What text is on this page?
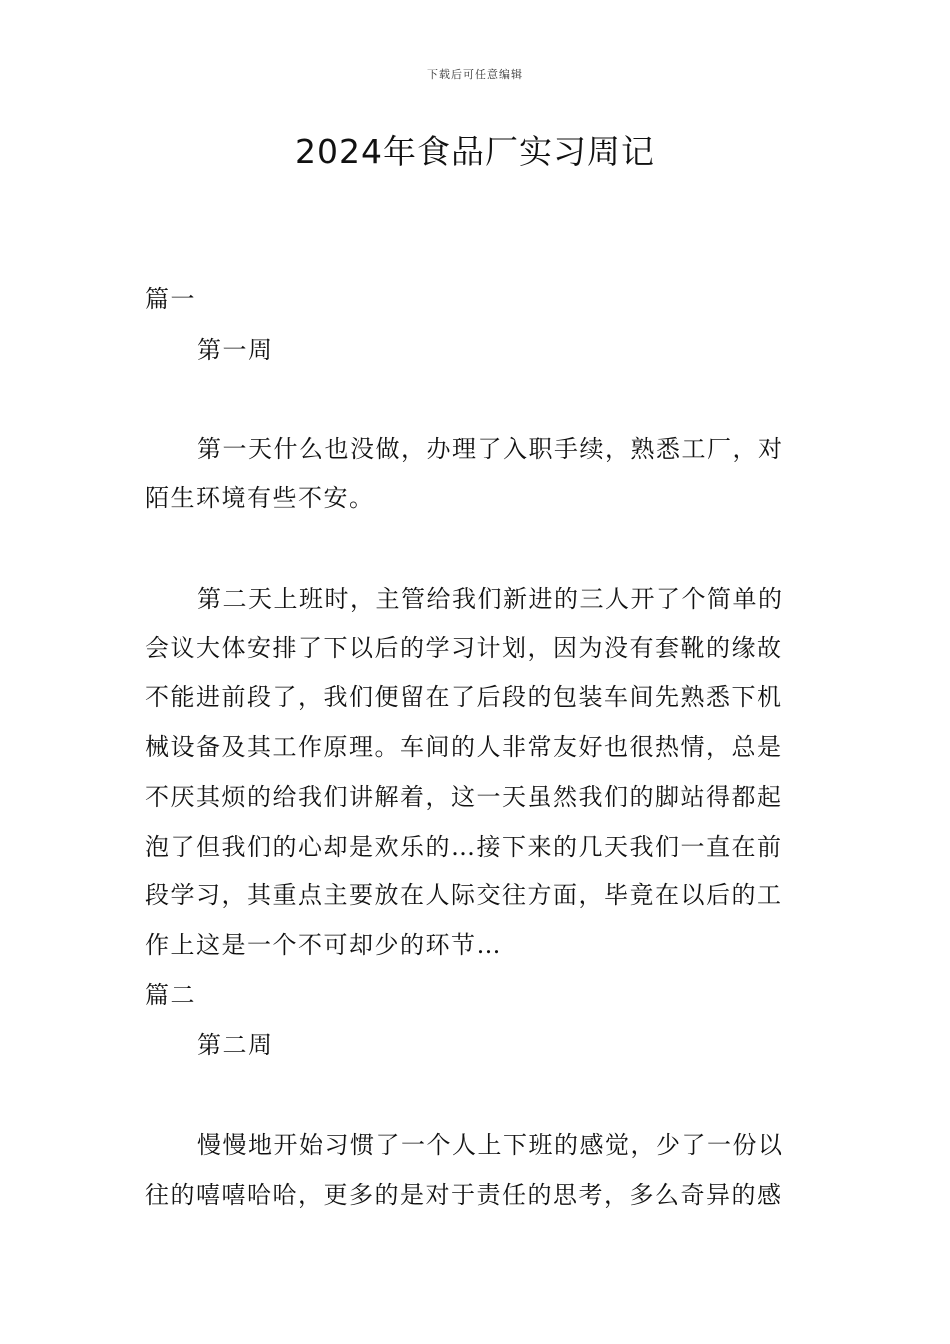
下载后可任意编辑
2024年食品厂实习周记
篇一
第一周
第一天什么也没做，办理了入职手续，熟悉工厂，对
陌生环境有些不安。
第二天上班时，主管给我们新进的三人开了个简单的
会议大体安排了下以后的学习计划，因为没有套靴的缘故
不能进前段了，我们便留在了后段的包装车间先熟悉下机
械设备及其工作原理。车间的人非常友好也很热情，总是
不厌其烦的给我们讲解着，这一天虽然我们的脚站得都起
泡了但我们的心却是欢乐的…接下来的几天我们一直在前
段学习，其重点主要放在人际交往方面，毕竟在以后的工
作上这是一个不可却少的环节…
篇二
第二周
慢慢地开始习惯了一个人上下班的感觉，少了一份以
往的嘻嘻哈哈，更多的是对于责任的思考，多么奇异的感
